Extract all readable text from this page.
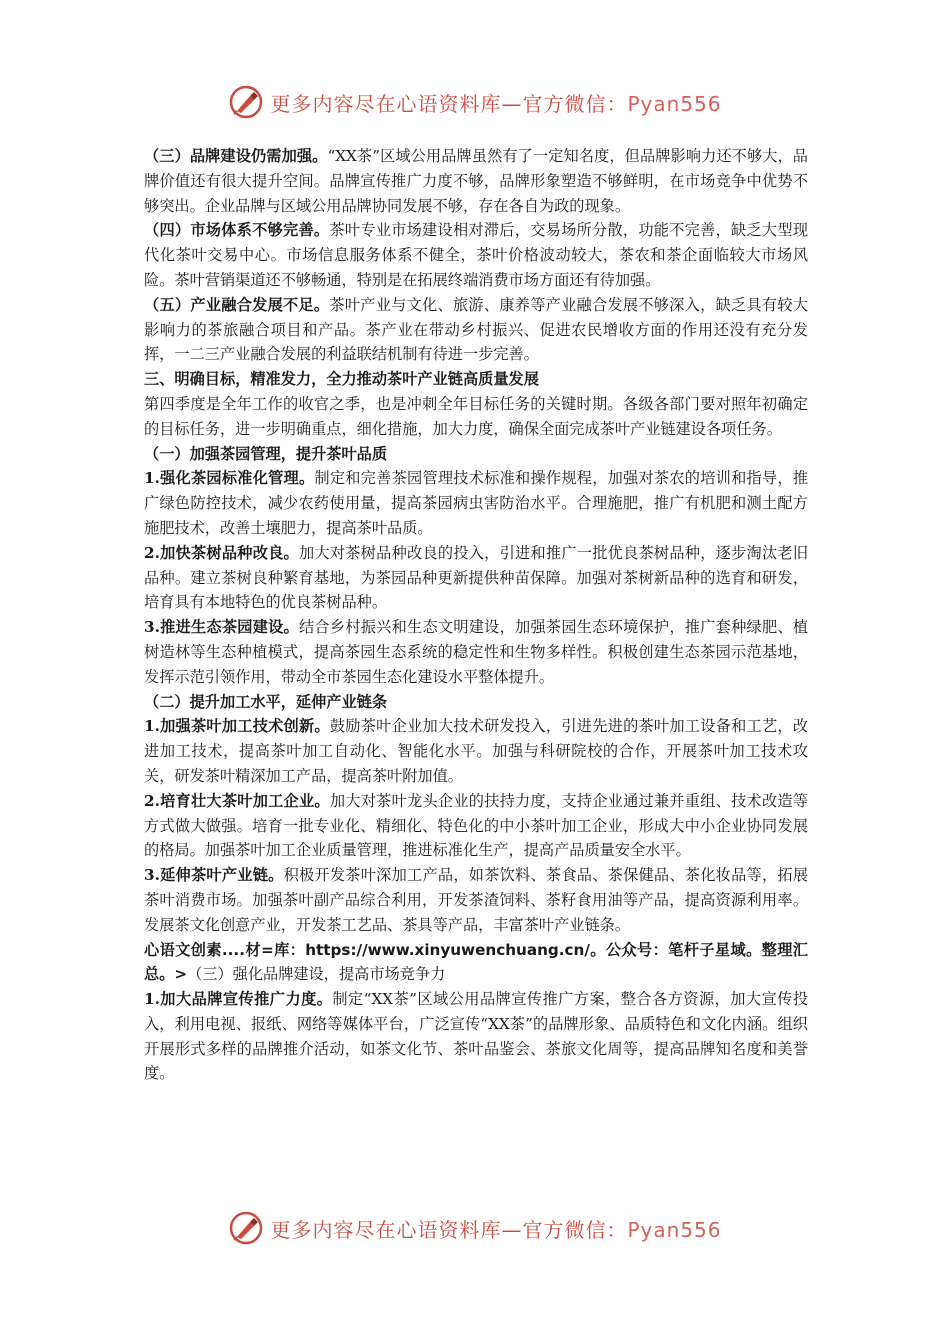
更多内容尽在心语资料库—官方微信：Pyan556

（三）品牌建设仍需加强。“XX茶”区域公用品牌虽然有了一定知名度，但品牌影响力还不够大，品牌价值还有很大提升空间。品牌宣传推广力度不够，品牌形象塑造不够鲜明，在市场竞争中优势不够突出。企业品牌与区域公用品牌协同发展不够，存在各自为政的现象。

（四）市场体系不够完善。茶叶专业市场建设相对滞后，交易场所分散，功能不完善，缺乏大型现代化茶叶交易中心。市场信息服务体系不健全，茶叶价格波动较大，茶农和茶企面临较大市场风险。茶叶营销渠道还不够畅通，特别是在拓展终端消费市场方面还有待加强。

（五）产业融合发展不足。茶叶产业与文化、旅游、康养等产业融合发展不够深入，缺乏具有较大影响力的茶旅融合项目和产品。茶产业在带动乡村振兴、促进农民增收方面的作用还没有充分发挥，一二三产业融合发展的利益联结机制有待进一步完善。

三、明确目标，精准发力，全力推动茶叶产业链高质量发展

第四季度是全年工作的收官之季，也是冲刺全年目标任务的关键时期。各级各部门要对照年初确定的目标任务，进一步明确重点，细化措施，加大力度，确保全面完成茶叶产业链建设各项任务。

（一）加强茶园管理，提升茶叶品质

1.强化茶园标准化管理。制定和完善茶园管理技术标准和操作规程，加强对茶农的培训和指导，推广绿色防控技术，减少农药使用量，提高茶园病虫害防治水平。合理施肥，推广有机肥和测土配方施肥技术，改善土壤肥力，提高茶叶品质。

2.加快茶树品种改良。加大对茶树品种改良的投入，引进和推广一批优良茶树品种，逐步淘汰老旧品种。建立茶树良种繁育基地，为茶园品种更新提供种苗保障。加强对茶树新品种的选育和研发，培育具有本地特色的优良茶树品种。

3.推进生态茶园建设。结合乡村振兴和生态文明建设，加强茶园生态环境保护，推广套种绿肥、植树造林等生态种植模式，提高茶园生态系统的稳定性和生物多样性。积极创建生态茶园示范基地，发挥示范引领作用，带动全市茶园生态化建设水平整体提升。

（二）提升加工水平，延伸产业链条

1.加强茶叶加工技术创新。鼓励茶叶企业加大技术研发投入，引进先进的茶叶加工设备和工艺，改进加工技术，提高茶叶加工自动化、智能化水平。加强与科研院校的合作，开展茶叶加工技术攻关，研发茶叶精深加工产品，提高茶叶附加值。

2.培育壮大茶叶加工企业。加大对茶叶龙头企业的扶持力度，支持企业通过兼并重组、技术改造等方式做大做强。培育一批专业化、精细化、特色化的中小茶叶加工企业，形成大中小企业协同发展的格局。加强茶叶加工企业质量管理，推进标准化生产，提高产品质量安全水平。

3.延伸茶叶产业链。积极开发茶叶深加工产品，如茶饮料、茶食品、茶保健品、茶化妆品等，拓展茶叶消费市场。加强茶叶副产品综合利用，开发茶渣饲料、茶籽食用油等产品，提高资源利用率。发展茶文化创意产业，开发茶工艺品、茶具等产品，丰富茶叶产业链条。

心语文创素....材=库：https://www.xinyuwenchuang.cn/。公众号：笔杆子星域。整理汇总。>（三）强化品牌建设，提高市场竞争力

1.加大品牌宣传推广力度。制定“XX茶”区域公用品牌宣传推广方案，整合各方资源，加大宣传投入，利用电视、报纸、网络等媒体平台，广泛宣传“XX茶”的品牌形象、品质特色和文化内涵。组织开展形式多样的品牌推介活动，如茶文化节、茶叶品鉴会、茶旅文化周等，提高品牌知名度和美誉度。

更多内容尽在心语资料库—官方微信：Pyan556
